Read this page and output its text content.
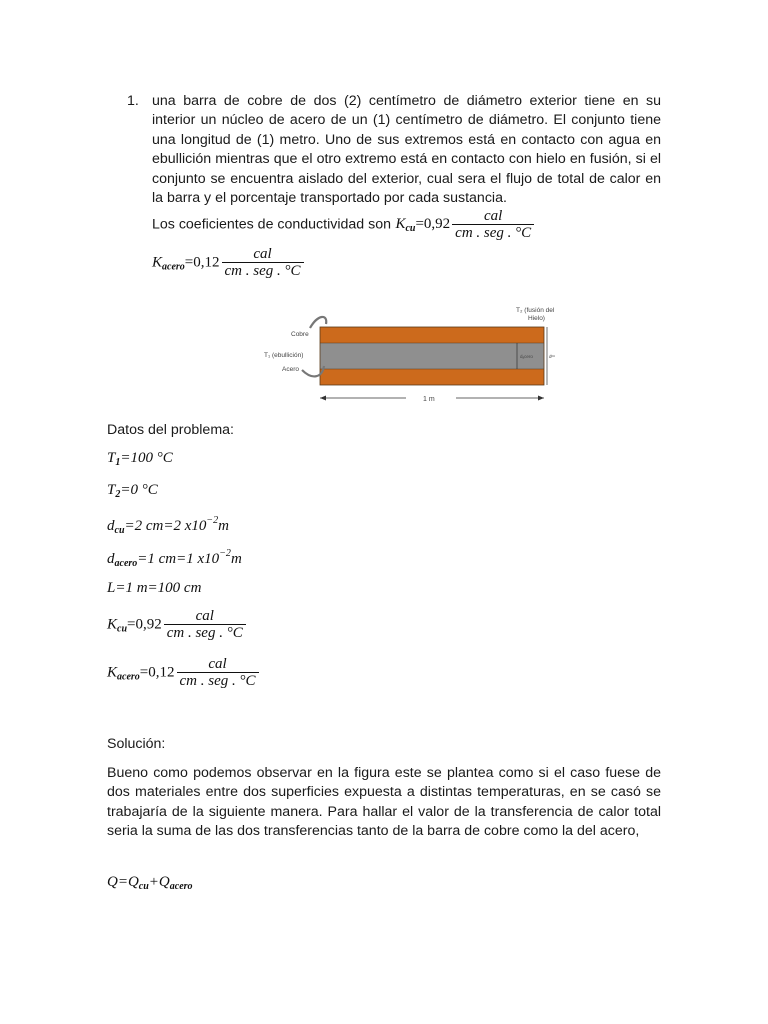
1. una barra de cobre de dos (2) centímetro de diámetro exterior tiene en su interior un núcleo de acero de un (1) centímetro de diámetro. El conjunto tiene una longitud de (1) metro. Uno de sus extremos está en contacto con agua en ebullición mientras que el otro extremo está en contacto con hielo en fusión, si el conjunto se encuentra aislado del exterior, cual sera el flujo de total de calor en la barra y el porcentaje transportado por cada sustancia.
Los coeficientes de conductividad son $K_{cu}=0,92 \frac{\text{cal}}{\text{cm . seg . °C}}$
$K_{acero}=0,12 \frac{\text{cal}}{\text{cm . seg . °C}}$
Cobre
T₁ (ebullición)
Acero
T₂ (fusión del
Hielo)
dₐcero	dᶜᵘ
1 m
Datos del problema:
$T_1=100$ °C
$T_2=0$ °C
$d_{cu}=2$ cm=2 $x10^{-2}m$
$d_{acero}=1$ cm=1 $x10^{-2}m$
L=1 m=100 cm
$K_{cu}=0,92 \frac{\text{cal}}{\text{cm . seg . °C}}$
$K_{acero}=0,12 \frac{\text{cal}}{\text{cm . seg . °C}}$
Solución:
Bueno como podemos observar en la figura este se plantea como si el caso fuese de dos materiales entre dos superficies expuesta a distintas temperaturas, en se casó se trabajaría de la siguiente manera. Para hallar el valor de la transferencia de calor total seria la suma de las dos transferencias tanto de la barra de cobre como la del acero,
$Q=Q_{cu}+Q_{acero}$
